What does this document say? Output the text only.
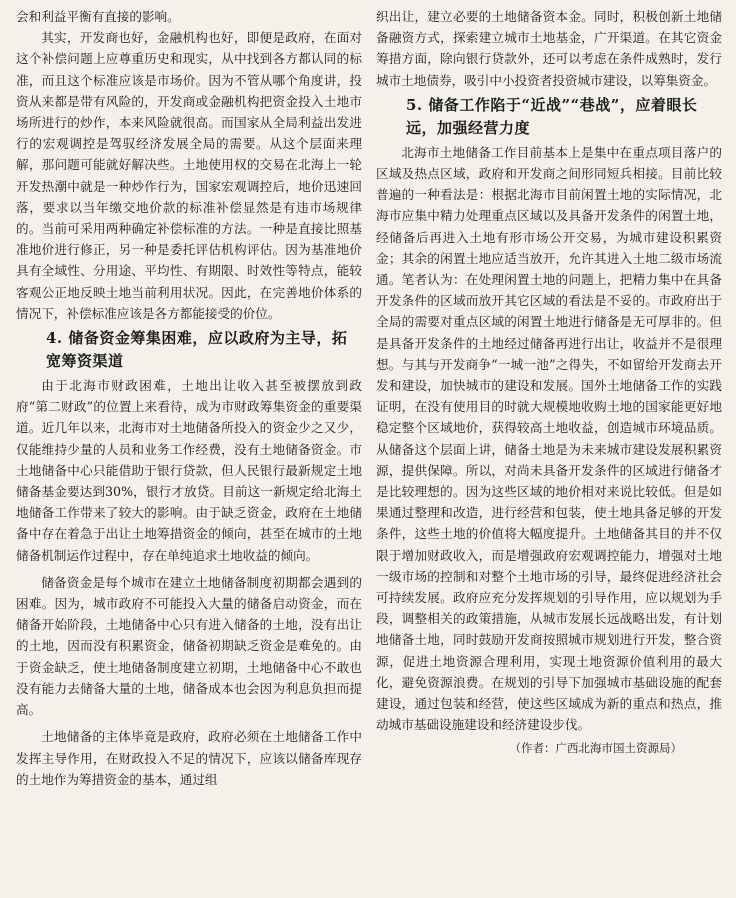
会和利益平衡有直接的影响。

其实，开发商也好，金融机构也好，即便是政府，在面对这个补偿问题上应尊重历史和现实，从中找到各方都认同的标准，而且这个标准应该是市场价。因为不管从哪个角度讲，投资从来都是带有风险的，开发商或金融机构把资金投入土地市场所进行的炒作，本来风险就很高。而国家从全局利益出发进行的宏观调控是驾驭经济发展全局的需要。从这个层面来理解，那问题可能就好解决些。土地使用权的交易在北海上一轮开发热潮中就是一种炒作行为，国家宏观调控后，地价迅速回落，要求以当年缴交地价款的标准补偿显然是有违市场规律的。当前可采用两种确定补偿标准的方法。一种是直接比照基准地价进行修正，另一种是委托评估机构评估。因为基准地价具有全域性、分用途、平均性、有期限、时效性等特点，能较客观公正地反映土地当前利用状况。因此，在完善地价体系的情况下，补偿标准应该是各方都能接受的价位。

4. 储备资金筹集困难，应以政府为主导，拓宽筹资渠道

由于北海市财政困难，土地出让收入甚至被摆放到政府“第二财政”的位置上来看待，成为市财政筹集资金的重要渠道。近几年以来，北海市对土地储备所投入的资金少之又少，仅能维持少量的人员和业务工作经费，没有土地储备资金。市土地储备中心只能借助于银行贷款，但人民银行最新规定土地储备基金要达到30%，银行才放贷。目前这一新规定给北海土地储备工作带来了较大的影响。由于缺乏资金，政府在土地储备中存在着急于出让土地筹措资金的倾向，甚至在城市的土地储备机制运作过程中，存在单纯追求土地收益的倾向。

储备资金是每个城市在建立土地储备制度初期都会遇到的困难。因为，城市政府不可能投入大量的储备启动资金，而在储备开始阶段，土地储备中心只有进入储备的土地，没有出让的土地，因而没有积累资金，储备初期缺乏资金是难免的。由于资金缺乏，使土地储备制度建立初期，土地储备中心不敢也没有能力去储备大量的土地，储备成本也会因为利息负担而提高。

土地储备的主体毕竟是政府，政府必须在土地储备工作中发挥主导作用，在财政投入不足的情况下，应该以储备库现存的土地作为筹措资金的基本，通过组

织出让，建立必要的土地储备资本金。同时，积极创新土地储备融资方式，探索建立城市土地基金，广开渠道。在其它资金筹措方面，除向银行贷款外，还可以考虑在条件成熟时，发行城市土地债券，吸引中小投资者投资城市建设，以筹集资金。

5. 储备工作陷于“近战”“巷战”，应着眼长远，加强经营力度

北海市土地储备工作目前基本上是集中在重点项目落户的区域及热点区域，政府和开发商之间形同短兵相接。目前比较普遍的一种看法是：根据北海市目前闲置土地的实际情况，北海市应集中精力处理重点区域以及具备开发条件的闲置土地，经储备后再进入土地有形市场公开交易，为城市建设积累资金；其余的闲置土地应适当放开，允许其进入土地二级市场流通。笔者认为：在处理闲置土地的问题上，把精力集中在具备开发条件的区域而放开其它区域的看法是不妥的。市政府出于全局的需要对重点区域的闲置土地进行储备是无可厚非的。但是具备开发条件的土地经过储备再进行出让，收益并不是很理想。与其与开发商争“一城一池”之得失，不如留给开发商去开发和建设，加快城市的建设和发展。国外土地储备工作的实践证明，在没有使用目的时就大规模地收购土地的国家能更好地稳定整个区域地价，获得较高土地收益，创造城市环境品质。从储备这个层面上讲，储备土地是为未来城市建设发展积累资源，提供保障。所以，对尚未具备开发条件的区域进行储备才是比较理想的。因为这些区域的地价相对来说比较低。但是如果通过整理和改造，进行经营和包装，使土地具备足够的开发条件，这些土地的价值将大幅度提升。土地储备其目的并不仅限于增加财政收入，而是增强政府宏观调控能力，增强对土地一级市场的控制和对整个土地市场的引导，最终促进经济社会可持续发展。政府应充分发挥规划的引导作用，应以规划为手段，调整相关的政策措施，从城市发展长远战略出发，有计划地储备土地，同时鼓励开发商按照城市规划进行开发，整合资源，促进土地资源合理利用，实现土地资源价值利用的最大化，避免资源浪费。在规划的引导下加强城市基础设施的配套建设，通过包装和经营，使这些区域成为新的重点和热点，推动城市基础设施建设和经济建设步伐。

（作者：广西北海市国土资源局）
